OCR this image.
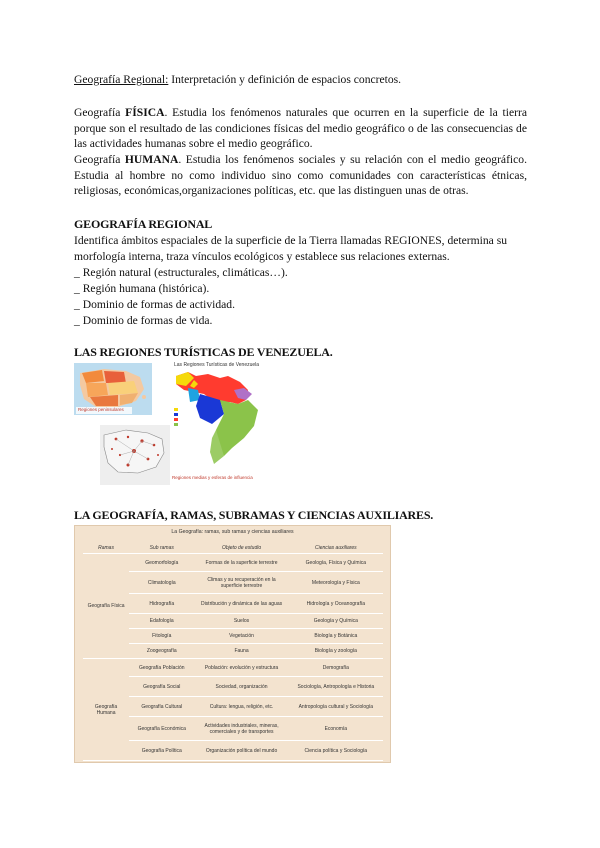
Geografía Regional: Interpretación y definición de espacios concretos.
Geografía FÍSICA. Estudia los fenómenos naturales que ocurren en la superficie de la tierra porque son el resultado de las condiciones físicas del medio geográfico o de las consecuencias de las actividades humanas sobre el medio geográfico.
Geografía HUMANA. Estudia los fenómenos sociales y su relación con el medio geográfico. Estudia al hombre no como individuo sino como comunidades con características étnicas, religiosas, económicas,organizaciones políticas, etc. que las distinguen unas de otras.
GEOGRAFÍA REGIONAL
Identifica ámbitos espaciales de la superficie de la Tierra llamadas REGIONES, determina su morfología interna, traza vínculos ecológicos y establece sus relaciones externas.
_ Región natural (estructurales, climáticas…).
_ Región humana (histórica).
_ Dominio de formas de actividad.
_ Dominio de formas de vida.
LAS REGIONES TURÍSTICAS DE VENEZUELA.
Regiones peninsulares
Las Regiones Turísticas de Venezuela
Regiones medias y esferas de influencia
LA GEOGRAFÍA, RAMAS, SUBRAMAS Y CIENCIAS AUXILIARES.
La Geografía: ramas, sub ramas y ciencias auxiliares
Ramas	Sub ramas	Objeto de estudio	Ciencias auxiliares
Geografía Física	Geomorfología	Formas de la superficie terrestre	Geología, Física y Química
	Climatología	Climas y su recuperación en la superficie terrestre	Meteorología y Física
	Hidrografía	Distribución y dinámica de las aguas	Hidrología y Oceanografía
	Edafología	Suelos	Geología y Química
	Fitología	Vegetación	Biología y Botánica
	Zoogeografía	Fauna	Biología y zoología
Geografía Humana	Geografía Población	Población: evolución y estructura	Demografía
	Geografía Social	Sociedad, organización	Sociología, Antropología e Historia
	Geografía Cultural	Cultura: lengua, religión, etc.	Antropología cultural y Sociología
	Geografía Económica	Actividades industriales, mineras, comerciales y de transportes	Economía
	Geografía Política	Organización política del mundo	Ciencia política y Sociología
